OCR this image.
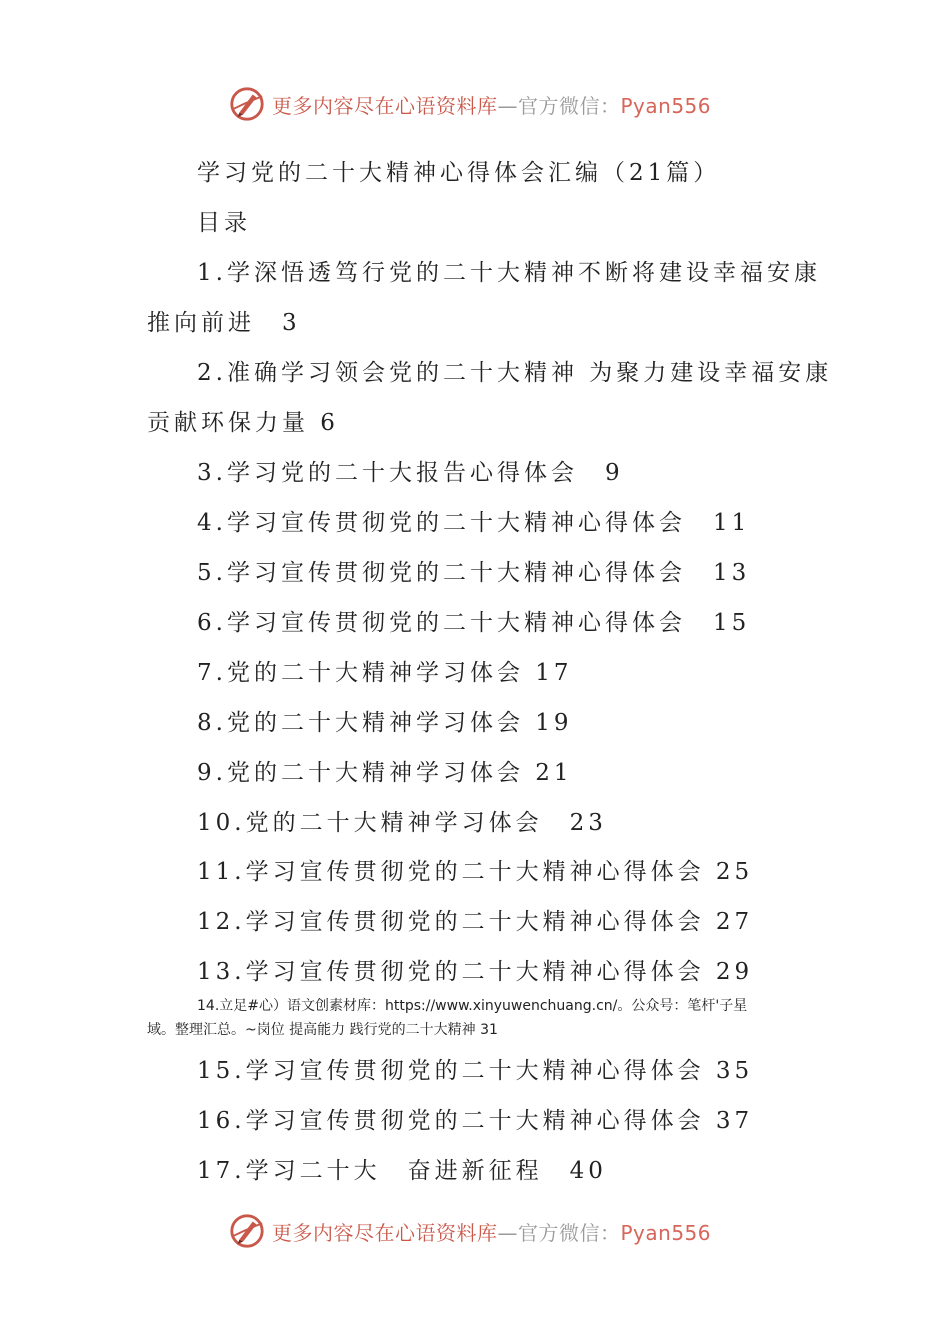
更多内容尽在心语资料库—官方微信：Pyan556
学习党的二十大精神心得体会汇编（21篇）
目录
1.学深悟透笃行党的二十大精神不断将建设幸福安康
推向前进　3
2.准确学习领会党的二十大精神 为聚力建设幸福安康
贡献环保力量 6
3.学习党的二十大报告心得体会　9
4.学习宣传贯彻党的二十大精神心得体会　11
5.学习宣传贯彻党的二十大精神心得体会　13
6.学习宣传贯彻党的二十大精神心得体会　15
7.党的二十大精神学习体会 17
8.党的二十大精神学习体会 19
9.党的二十大精神学习体会 21
10.党的二十大精神学习体会　23
11.学习宣传贯彻党的二十大精神心得体会 25
12.学习宣传贯彻党的二十大精神心得体会 27
13.学习宣传贯彻党的二十大精神心得体会 29
14.立足#心）语文创素材库：https://www.xinyuwenchuang.cn/。公众号：笔杆'子星
域。整理汇总。~岗位 提高能力 践行党的二十大精神 31
15.学习宣传贯彻党的二十大精神心得体会 35
16.学习宣传贯彻党的二十大精神心得体会 37
17.学习二十大　奋进新征程　40
更多内容尽在心语资料库—官方微信：Pyan556
